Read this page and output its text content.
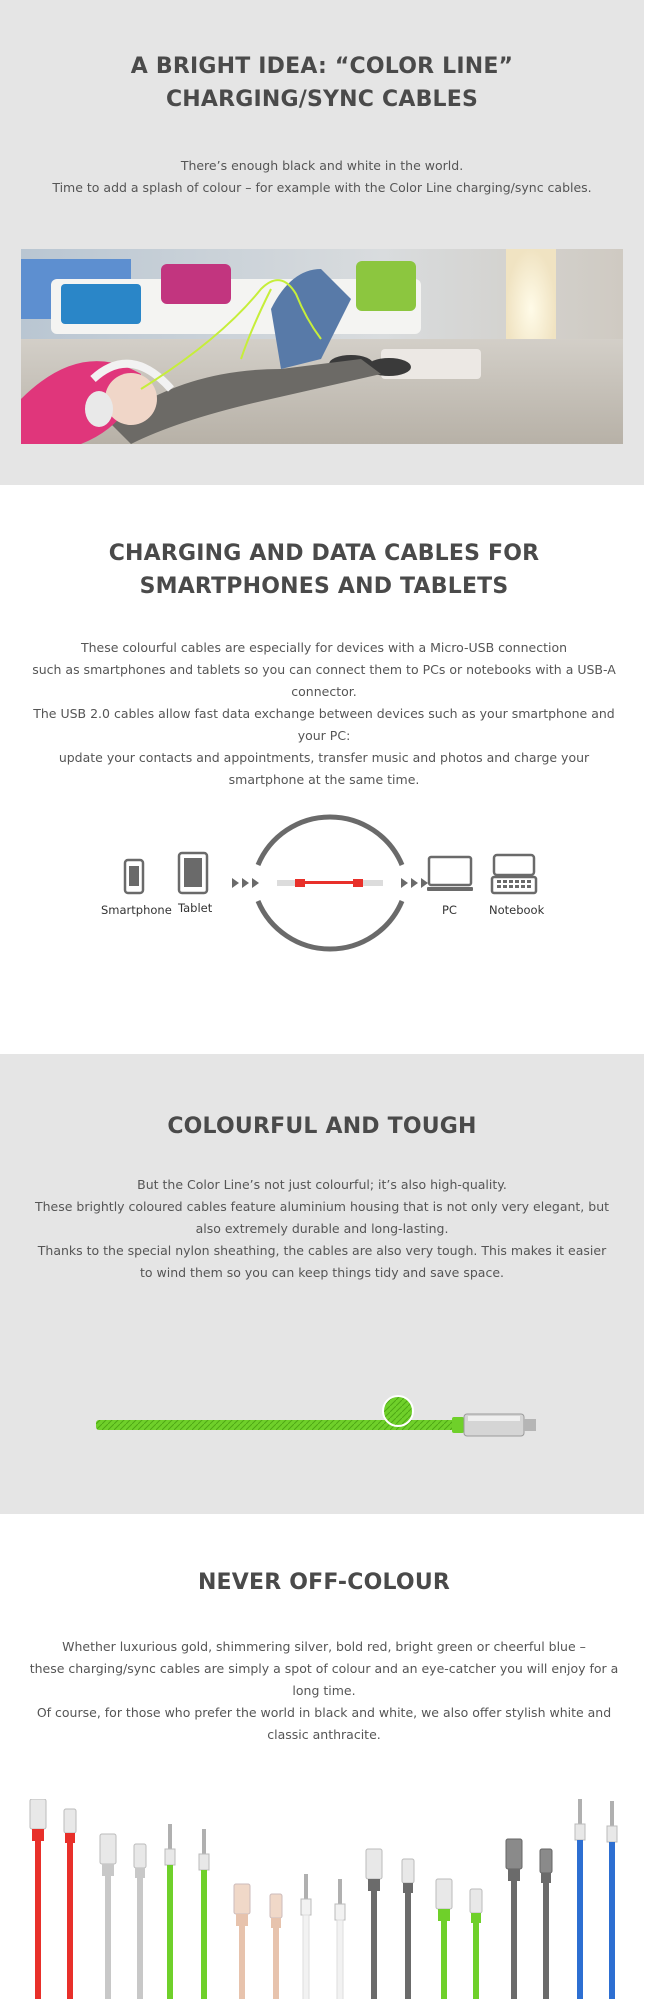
A BRIGHT IDEA: “COLOR LINE” CHARGING/SYNC CABLES

There’s enough black and white in the world.

Time to add a splash of colour – for example with the Color Line charging/sync cables.

CHARGING AND DATA CABLES FOR SMARTPHONES AND TABLETS

These colourful cables are especially for devices with a Micro-USB connection

such as smartphones and tablets so you can connect them to PCs or notebooks with a USB-A connector.

The USB 2.0 cables allow fast data exchange between devices such as your smartphone and your PC:

update your contacts and appointments, transfer music and photos and charge your smartphone at the same time.

Smartphone Tablet	PC	Notebook
COLOURFUL AND TOUGH

But the Color Line’s not just colourful; it’s also high-quality.

These brightly coloured cables feature aluminium housing that is not only very elegant, but also extremely durable and long-lasting.

Thanks to the special nylon sheathing, the cables are also very tough. This makes it easier to wind them so you can keep things tidy and save space.

NEVER OFF-COLOUR

Whether luxurious gold, shimmering silver, bold red, bright green or cheerful blue –

these charging/sync cables are simply a spot of colour and an eye-catcher you will enjoy for a long time.

Of course, for those who prefer the world in black and white, we also offer stylish white and classic anthracite.
